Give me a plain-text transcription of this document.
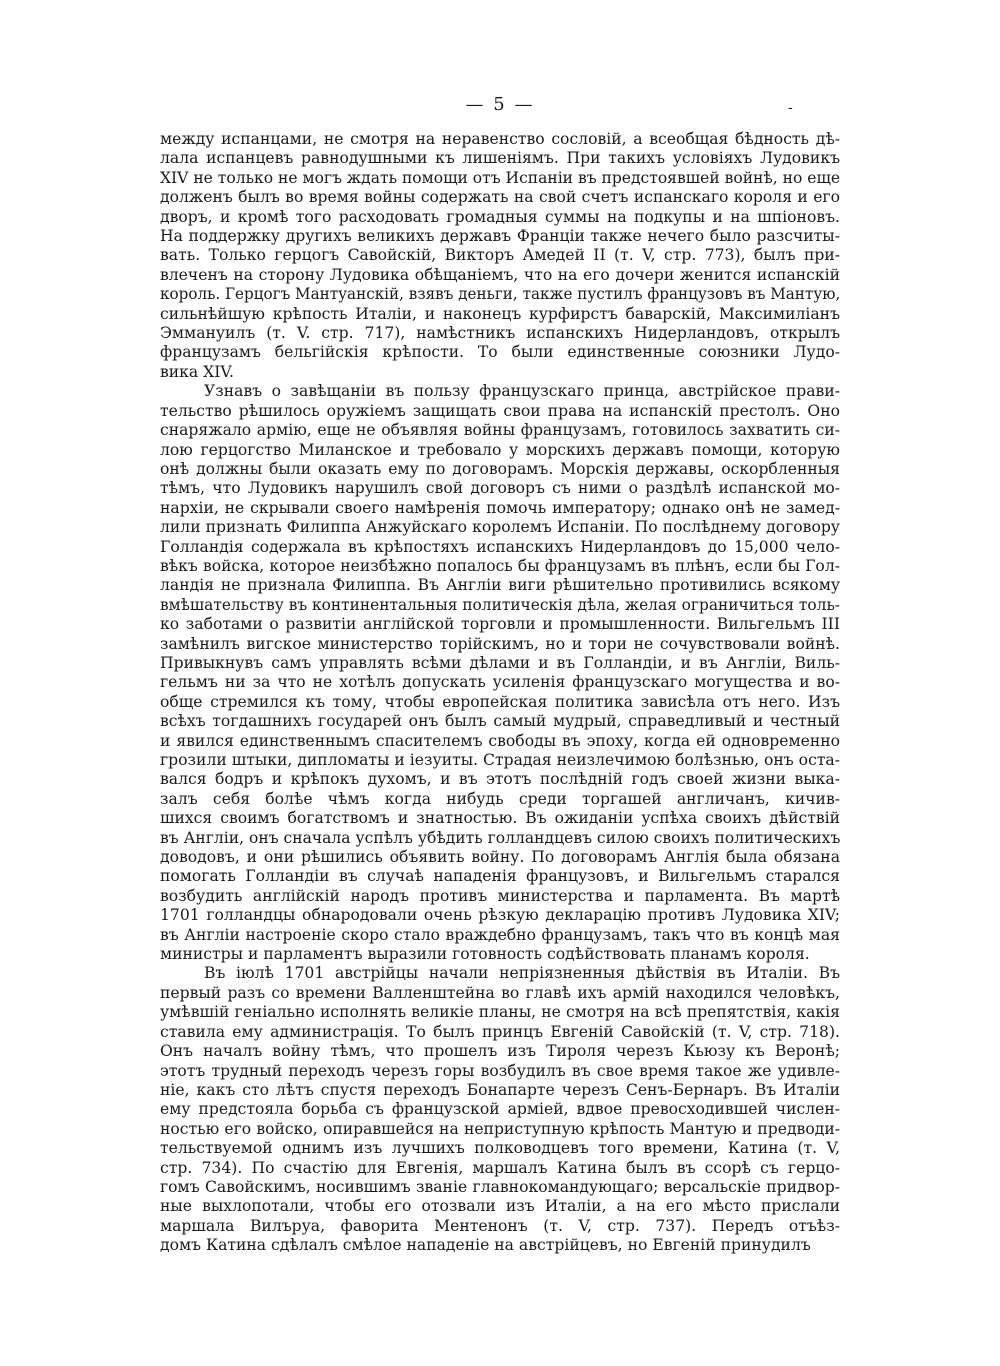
— 5 —	-
между испанцами, не смотря на неравенство сословій, а всеобщая бѣдность дѣ-
лала испанцевъ равнодушными къ лишеніямъ. При такихъ условіяхъ Лудовикъ
XIV не только не могъ ждать помощи отъ Испаніи въ предстоявшей войнѣ, но еще
долженъ былъ во время войны содержать на свой счетъ испанскаго короля и его
дворъ, и кромѣ того расходовать громадныя суммы на подкупы и на шпіоновъ.
На поддержку другихъ великихъ державъ Франціи также нечего было разсчиты-
вать. Только герцогъ Савойскій, Викторъ Амедей II (т. V, стр. 773), былъ при-
влеченъ на сторону Лудовика обѣщаніемъ, что на его дочери женится испанскій
король. Герцогъ Мантуанскій, взявъ деньги, также пустилъ французовъ въ Мантую,
сильнѣйшую крѣпость Италіи, и наконецъ курфирстъ баварскій, Максимиліанъ
Эммануилъ (т. V. стр. 717), намѣстникъ испанскихъ Нидерландовъ, открылъ
французамъ бельгійскія крѣпости. То были единственные союзники Лудо-
вика XIV.
Узнавъ о завѣщаніи въ пользу французскаго принца, австрійское прави-
тельство рѣшилось оружіемъ защищать свои права на испанскій престолъ. Оно
снаряжало армію, еще не объявляя войны французамъ, готовилось захватить си-
лою герцогство Миланское и требовало у морскихъ державъ помощи, которую
онѣ должны были оказать ему по договорамъ. Морскія державы, оскорбленныя
тѣмъ, что Лудовикъ нарушилъ свой договоръ съ ними о раздѣлѣ испанской мо-
нархіи, не скрывали своего намѣренія помочь императору; однако онѣ не замед-
лили признать Филиппа Анжуйскаго королемъ Испаніи. По послѣднему договору
Голландія содержала въ крѣпостяхъ испанскихъ Нидерландовъ до 15,000 чело-
вѣкъ войска, которое неизбѣжно попалось бы французамъ въ плѣнъ, если бы Гол-
ландія не признала Филиппа. Въ Англіи виги рѣшительно противились всякому
вмѣшательству въ континентальныя политическія дѣла, желая ограничиться толь-
ко заботами о развитіи англійской торговли и промышленности. Вильгельмъ III
замѣнилъ вигское министерство торійскимъ, но и тори не сочувствовали войнѣ.
Привыкнувъ самъ управлять всѣми дѣлами и въ Голландіи, и въ Англіи, Виль-
гельмъ ни за что не хотѣлъ допускать усиленія французскаго могущества и во-
обще стремился къ тому, чтобы европейская политика зависѣла отъ него. Изъ
всѣхъ тогдашнихъ государей онъ былъ самый мудрый, справедливый и честный
и явился единственнымъ спасителемъ свободы въ эпоху, когда ей одновременно
грозили штыки, дипломаты и іезуиты. Страдая неизлечимою болѣзнью, онъ оста-
вался бодръ и крѣпокъ духомъ, и въ этотъ послѣдній годъ своей жизни выка-
залъ себя болѣе чѣмъ когда нибудь среди торгашей англичанъ, кичив-
шихся своимъ богатствомъ и знатностью. Въ ожиданіи успѣха своихъ дѣйствій
въ Англіи, онъ сначала успѣлъ убѣдить голландцевъ силою своихъ политическихъ
доводовъ, и они рѣшились объявить войну. По договорамъ Англія была обязана
помогать Голландіи въ случаѣ нападенія французовъ, и Вильгельмъ старался
возбудить англійскій народъ противъ министерства и парламента. Въ мартѣ
1701 голландцы обнародовали очень рѣзкую декларацію противъ Лудовика XIV;
въ Англіи настроеніе скоро стало враждебно французамъ, такъ что въ концѣ мая
министры и парламентъ выразили готовность содѣйствовать планамъ короля.
Въ іюлѣ 1701 австрійцы начали непріязненныя дѣйствія въ Италіи. Въ
первый разъ со времени Валленштейна во главѣ ихъ армій находился человѣкъ,
умѣвшій геніально исполнять великіе планы, не смотря на всѣ препятствія, какія
ставила ему администрація. То былъ принцъ Евгеній Савойскій (т. V, стр. 718).
Онъ началъ войну тѣмъ, что прошелъ изъ Тироля черезъ Кьюзу къ Веронѣ;
этотъ трудный переходъ черезъ горы возбудилъ въ свое время такое же удивле-
ніе, какъ сто лѣтъ спустя переходъ Бонапарте черезъ Сенъ-Бернаръ. Въ Италіи
ему предстояла борьба съ французской арміей, вдвое превосходившей числен-
ностью его войско, опиравшейся на неприступную крѣпость Мантую и предводи-
тельствуемой однимъ изъ лучшихъ полководцевъ того времени, Катина (т. V,
стр. 734). По счастію для Евгенія, маршалъ Катина былъ въ ссорѣ съ герцо-
гомъ Савойскимъ, носившимъ званіе главнокомандующаго; версальскіе придвор-
ные выхлопотали, чтобы его отозвали изъ Италіи, а на его мѣсто прислали
маршала Вилъруа, фаворита Ментенонъ (т. V, стр. 737). Передъ отъѣз-
домъ Катина сдѣлалъ смѣлое нападеніе на австрійцевъ, но Евгеній принудилъ
